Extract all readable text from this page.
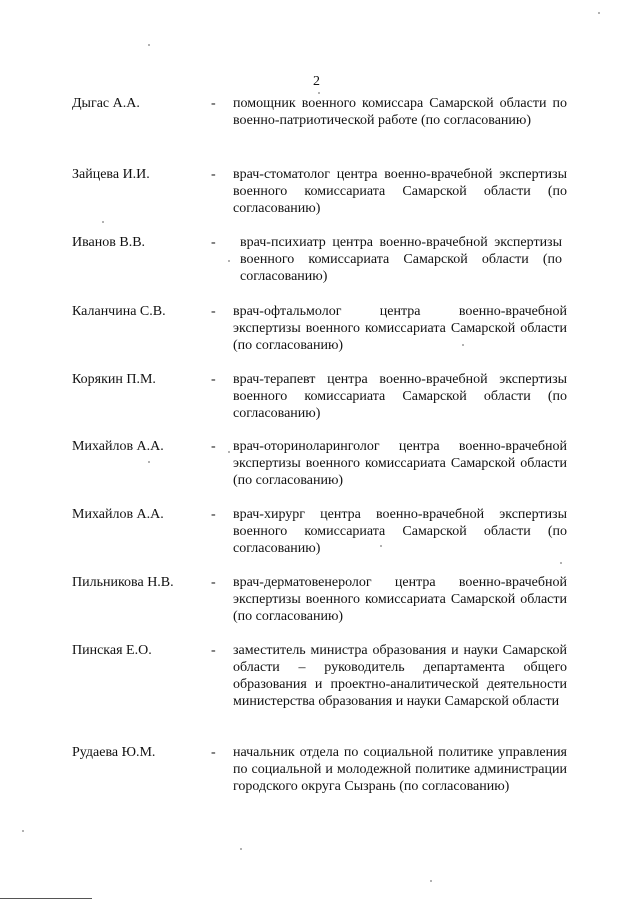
2
Дыгас А.А.	- помощник военного комиссара Самарской области по военно-патриотической работе (по согласованию)
Зайцева И.И.	- врач-стоматолог центра военно-врачебной экспертизы военного комиссариата Самарской области (по согласованию)
Иванов В.В.	- врач-психиатр центра военно-врачебной экспертизы военного комиссариата Самарской области (по согласованию)
Каланчина С.В.	- врач-офтальмолог центра военно-врачебной экспертизы военного комиссариата Самарской области (по согласованию)
Корякин П.М.	- врач-терапевт центра военно-врачебной экспертизы военного комиссариата Самарской области (по согласованию)
Михайлов А.А.	- врач-оториноларинголог центра военно-врачебной экспертизы военного комиссариата Самарской области (по согласованию)
Михайлов А.А.	- врач-хирург центра военно-врачебной экспертизы военного комиссариата Самарской области (по согласованию)
Пильникова Н.В.	- врач-дерматовенеролог центра военно-врачебной экспертизы военного комиссариата Самарской области (по согласованию)
Пинская Е.О.	- заместитель министра образования и науки Самарской области – руководитель департамента общего образования и проектно-аналитической деятельности министерства образования и науки Самарской области
Рудаева Ю.М.	- начальник отдела по социальной политике управления по социальной и молодежной политике администрации городского округа Сызрань (по согласованию)
